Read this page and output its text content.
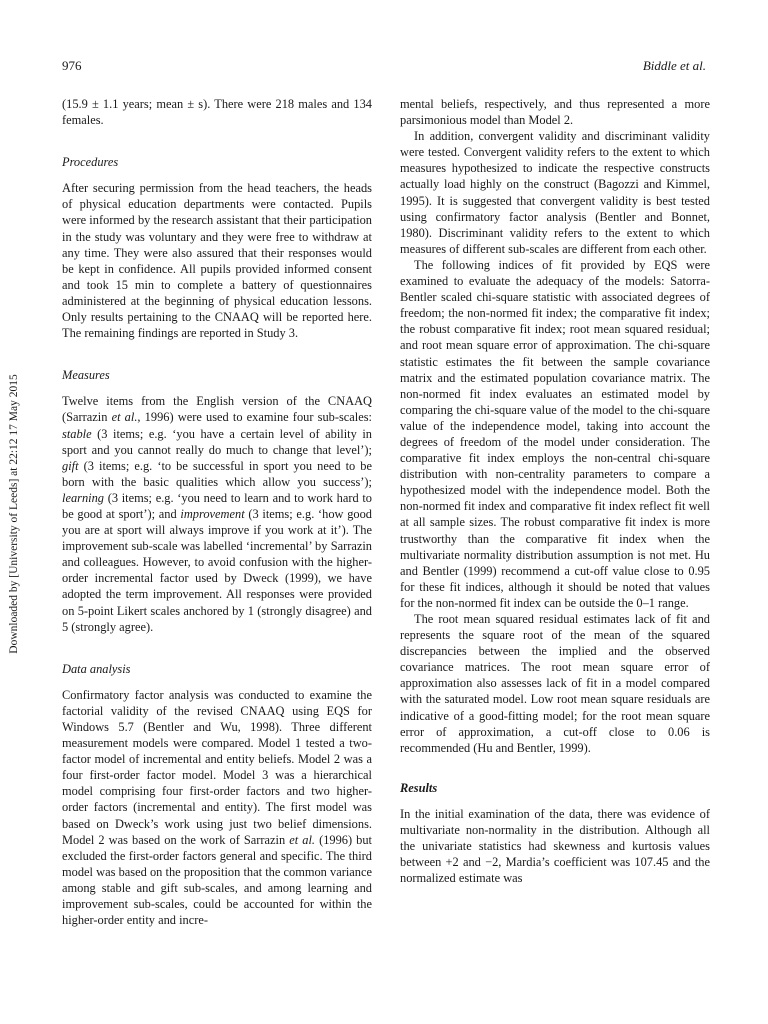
976	Biddle et al.
Downloaded by [University of Leeds] at 22:12 17 May 2015

(15.9 ± 1.1 years; mean ± s). There were 218 males and 134 females.

Procedures

After securing permission from the head teachers, the heads of physical education departments were contacted. Pupils were informed by the research assistant that their participation in the study was voluntary and they were free to withdraw at any time. They were also assured that their responses would be kept in confidence. All pupils provided informed consent and took 15 min to complete a battery of questionnaires administered at the beginning of physical education lessons. Only results pertaining to the CNAAQ will be reported here. The remaining findings are reported in Study 3.

Measures

Twelve items from the English version of the CNAAQ (Sarrazin et al., 1996) were used to examine four sub-scales: stable (3 items; e.g. ‘you have a certain level of ability in sport and you cannot really do much to change that level’); gift (3 items; e.g. ‘to be successful in sport you need to be born with the basic qualities which allow you success’); learning (3 items; e.g. ‘you need to learn and to work hard to be good at sport’); and improvement (3 items; e.g. ‘how good you are at sport will always improve if you work at it’). The improvement sub-scale was labelled ‘incremental’ by Sarrazin and colleagues. However, to avoid confusion with the higher-order incremental factor used by Dweck (1999), we have adopted the term improvement. All responses were provided on 5-point Likert scales anchored by 1 (strongly disagree) and 5 (strongly agree).

Data analysis

Confirmatory factor analysis was conducted to examine the factorial validity of the revised CNAAQ using EQS for Windows 5.7 (Bentler and Wu, 1998). Three different measurement models were compared. Model 1 tested a two-factor model of incremental and entity beliefs. Model 2 was a four first-order factor model. Model 3 was a hierarchical model comprising four first-order factors and two higher-order factors (incremental and entity). The first model was based on Dweck’s work using just two belief dimensions. Model 2 was based on the work of Sarrazin et al. (1996) but excluded the first-order factors general and specific. The third model was based on the proposition that the common variance among stable and gift sub-scales, and among learning and improvement sub-scales, could be accounted for within the higher-order entity and incre-

mental beliefs, respectively, and thus represented a more parsimonious model than Model 2.

In addition, convergent validity and discriminant validity were tested. Convergent validity refers to the extent to which measures hypothesized to indicate the respective constructs actually load highly on the construct (Bagozzi and Kimmel, 1995). It is suggested that convergent validity is best tested using confirmatory factor analysis (Bentler and Bonnet, 1980). Discriminant validity refers to the extent to which measures of different sub-scales are different from each other.

The following indices of fit provided by EQS were examined to evaluate the adequacy of the models: Satorra-Bentler scaled chi-square statistic with associated degrees of freedom; the non-normed fit index; the comparative fit index; the robust comparative fit index; root mean squared residual; and root mean square error of approximation. The chi-square statistic estimates the fit between the sample covariance matrix and the estimated population covariance matrix. The non-normed fit index evaluates an estimated model by comparing the chi-square value of the model to the chi-square value of the independence model, taking into account the degrees of freedom of the model under consideration. The comparative fit index employs the non-central chi-square distribution with non-centrality parameters to compare a hypothesized model with the independence model. Both the non-normed fit index and comparative fit index reflect fit well at all sample sizes. The robust comparative fit index is more trustworthy than the comparative fit index when the multivariate normality distribution assumption is not met. Hu and Bentler (1999) recommend a cut-off value close to 0.95 for these fit indices, although it should be noted that values for the non-normed fit index can be outside the 0–1 range.

The root mean squared residual estimates lack of fit and represents the square root of the mean of the squared discrepancies between the implied and the observed covariance matrices. The root mean square error of approximation also assesses lack of fit in a model compared with the saturated model. Low root mean square residuals are indicative of a good-fitting model; for the root mean square error of approximation, a cut-off close to 0.06 is recommended (Hu and Bentler, 1999).

Results

In the initial examination of the data, there was evidence of multivariate non-normality in the distribution. Although all the univariate statistics had skewness and kurtosis values between +2 and −2, Mardia’s coefficient was 107.45 and the normalized estimate was
